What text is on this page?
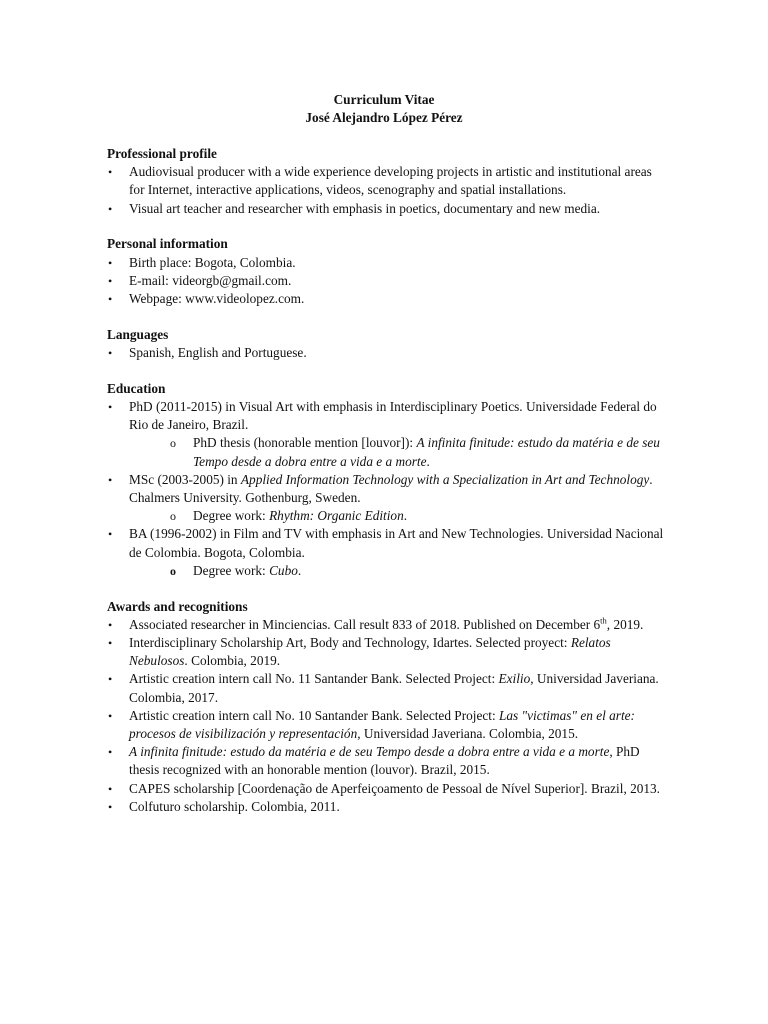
Curriculum Vitae
José Alejandro López Pérez
Professional profile
• Audiovisual producer with a wide experience developing projects in artistic and institutional areas for Internet, interactive applications, videos, scenography and spatial installations.
• Visual art teacher and researcher with emphasis in poetics, documentary and new media.
Personal information
• Birth place: Bogota, Colombia.
• E-mail: videorgb@gmail.com.
• Webpage: www.videolopez.com.
Languages
• Spanish, English and Portuguese.
Education
• PhD (2011-2015) in Visual Art with emphasis in Interdisciplinary Poetics. Universidade Federal do Rio de Janeiro, Brazil.
o PhD thesis (honorable mention [louvor]): A infinita finitude: estudo da matéria e de seu Tempo desde a dobra entre a vida e a morte.
• MSc (2003-2005) in Applied Information Technology with a Specialization in Art and Technology. Chalmers University. Gothenburg, Sweden.
o Degree work: Rhythm: Organic Edition.
• BA (1996-2002) in Film and TV with emphasis in Art and New Technologies. Universidad Nacional de Colombia. Bogota, Colombia.
o Degree work: Cubo.
Awards and recognitions
• Associated researcher in Minciencias. Call result 833 of 2018. Published on December 6th, 2019.
• Interdisciplinary Scholarship Art, Body and Technology, Idartes. Selected proyect: Relatos Nebulosos. Colombia, 2019.
• Artistic creation intern call No. 11 Santander Bank. Selected Project: Exilio, Universidad Javeriana. Colombia, 2017.
• Artistic creation intern call No. 10 Santander Bank. Selected Project: Las "victimas" en el arte: procesos de visibilización y representación, Universidad Javeriana. Colombia, 2015.
• A infinita finitude: estudo da matéria e de seu Tempo desde a dobra entre a vida e a morte, PhD thesis recognized with an honorable mention (louvor). Brazil, 2015.
• CAPES scholarship [Coordenação de Aperfeiçoamento de Pessoal de Nível Superior]. Brazil, 2013.
• Colfuturo scholarship. Colombia, 2011.
